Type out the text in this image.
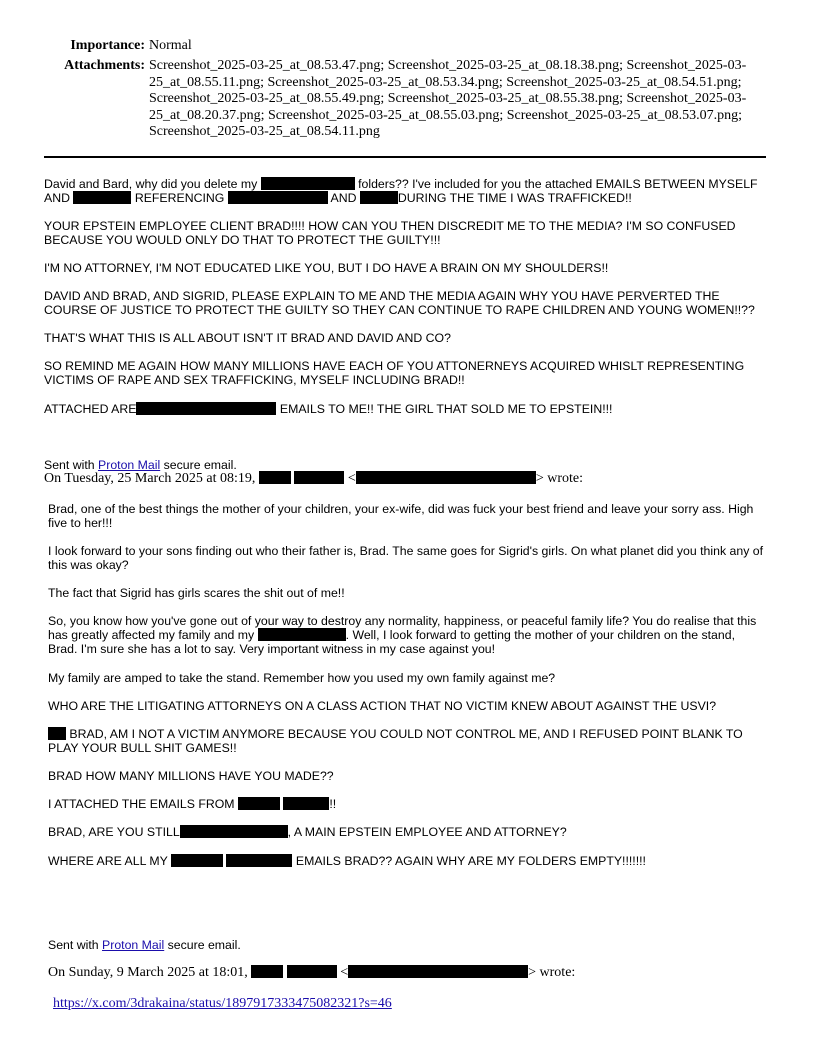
Importance: Normal
Attachments: Screenshot_2025-03-25_at_08.53.47.png; Screenshot_2025-03-25_at_08.18.38.png; Screenshot_2025-03-
25_at_08.55.11.png; Screenshot_2025-03-25_at_08.53.34.png; Screenshot_2025-03-25_at_08.54.51.png;
Screenshot_2025-03-25_at_08.55.49.png; Screenshot_2025-03-25_at_08.55.38.png; Screenshot_2025-03-
25_at_08.20.37.png; Screenshot_2025-03-25_at_08.55.03.png; Screenshot_2025-03-25_at_08.53.07.png;
Screenshot_2025-03-25_at_08.54.11.png
David and Bard, why did you delete my	folders?? I've included for you the attached EMAILS BETWEEN MYSELF
AND	REFERENCING	AND	DURING THE TIME I WAS TRAFFICKED!!
YOUR EPSTEIN EMPLOYEE CLIENT BRAD!!!! HOW CAN YOU THEN DISCREDIT ME TO THE MEDIA? I'M SO CONFUSED
BECAUSE YOU WOULD ONLY DO THAT TO PROTECT THE GUILTY!!!
I'M NO ATTORNEY, I'M NOT EDUCATED LIKE YOU, BUT I DO HAVE A BRAIN ON MY SHOULDERS!!
DAVID AND BRAD, AND SIGRID, PLEASE EXPLAIN TO ME AND THE MEDIA AGAIN WHY YOU HAVE PERVERTED THE
COURSE OF JUSTICE TO PROTECT THE GUILTY SO THEY CAN CONTINUE TO RAPE CHILDREN AND YOUNG WOMEN!!??
THAT'S WHAT THIS IS ALL ABOUT ISN'T IT BRAD AND DAVID AND CO?
SO REMIND ME AGAIN HOW MANY MILLIONS HAVE EACH OF YOU ATTONERNEYS ACQUIRED WHISLT REPRESENTING
VICTIMS OF RAPE AND SEX TRAFFICKING, MYSELF INCLUDING BRAD!!
ATTACHED ARE	EMAILS TO ME!! THE GIRL THAT SOLD ME TO EPSTEIN!!!
Sent with Proton Mail secure email.
On Tuesday, 25 March 2025 at 08:19,	<	> wrote:
Brad, one of the best things the mother of your children, your ex-wife, did was fuck your best friend and leave your sorry ass. High
five to her!!!
I look forward to your sons finding out who their father is, Brad. The same goes for Sigrid's girls. On what planet did you think any of
this was okay?
The fact that Sigrid has girls scares the shit out of me!!
So, you know how you've gone out of your way to destroy any normality, happiness, or peaceful family life? You do realise that this
has greatly affected my family and my	. Well, I look forward to getting the mother of your children on the stand,
Brad. I'm sure she has a lot to say. Very important witness in my case against you!
My family are amped to take the stand. Remember how you used my own family against me?
WHO ARE THE LITIGATING ATTORNEYS ON A CLASS ACTION THAT NO VICTIM KNEW ABOUT AGAINST THE USVI?
BRAD, AM I NOT A VICTIM ANYMORE BECAUSE YOU COULD NOT CONTROL ME, AND I REFUSED POINT BLANK TO
PLAY YOUR BULL SHIT GAMES!!
BRAD HOW MANY MILLIONS HAVE YOU MADE??
I ATTACHED THE EMAILS FROM	!!
BRAD, ARE YOU STILL	, A MAIN EPSTEIN EMPLOYEE AND ATTORNEY?
WHERE ARE ALL MY	EMAILS BRAD?? AGAIN WHY ARE MY FOLDERS EMPTY!!!!!!!
Sent with Proton Mail secure email.
On Sunday, 9 March 2025 at 18:01,	<	> wrote:
https://x.com/3drakaina/status/1897917333475082321?s=46
